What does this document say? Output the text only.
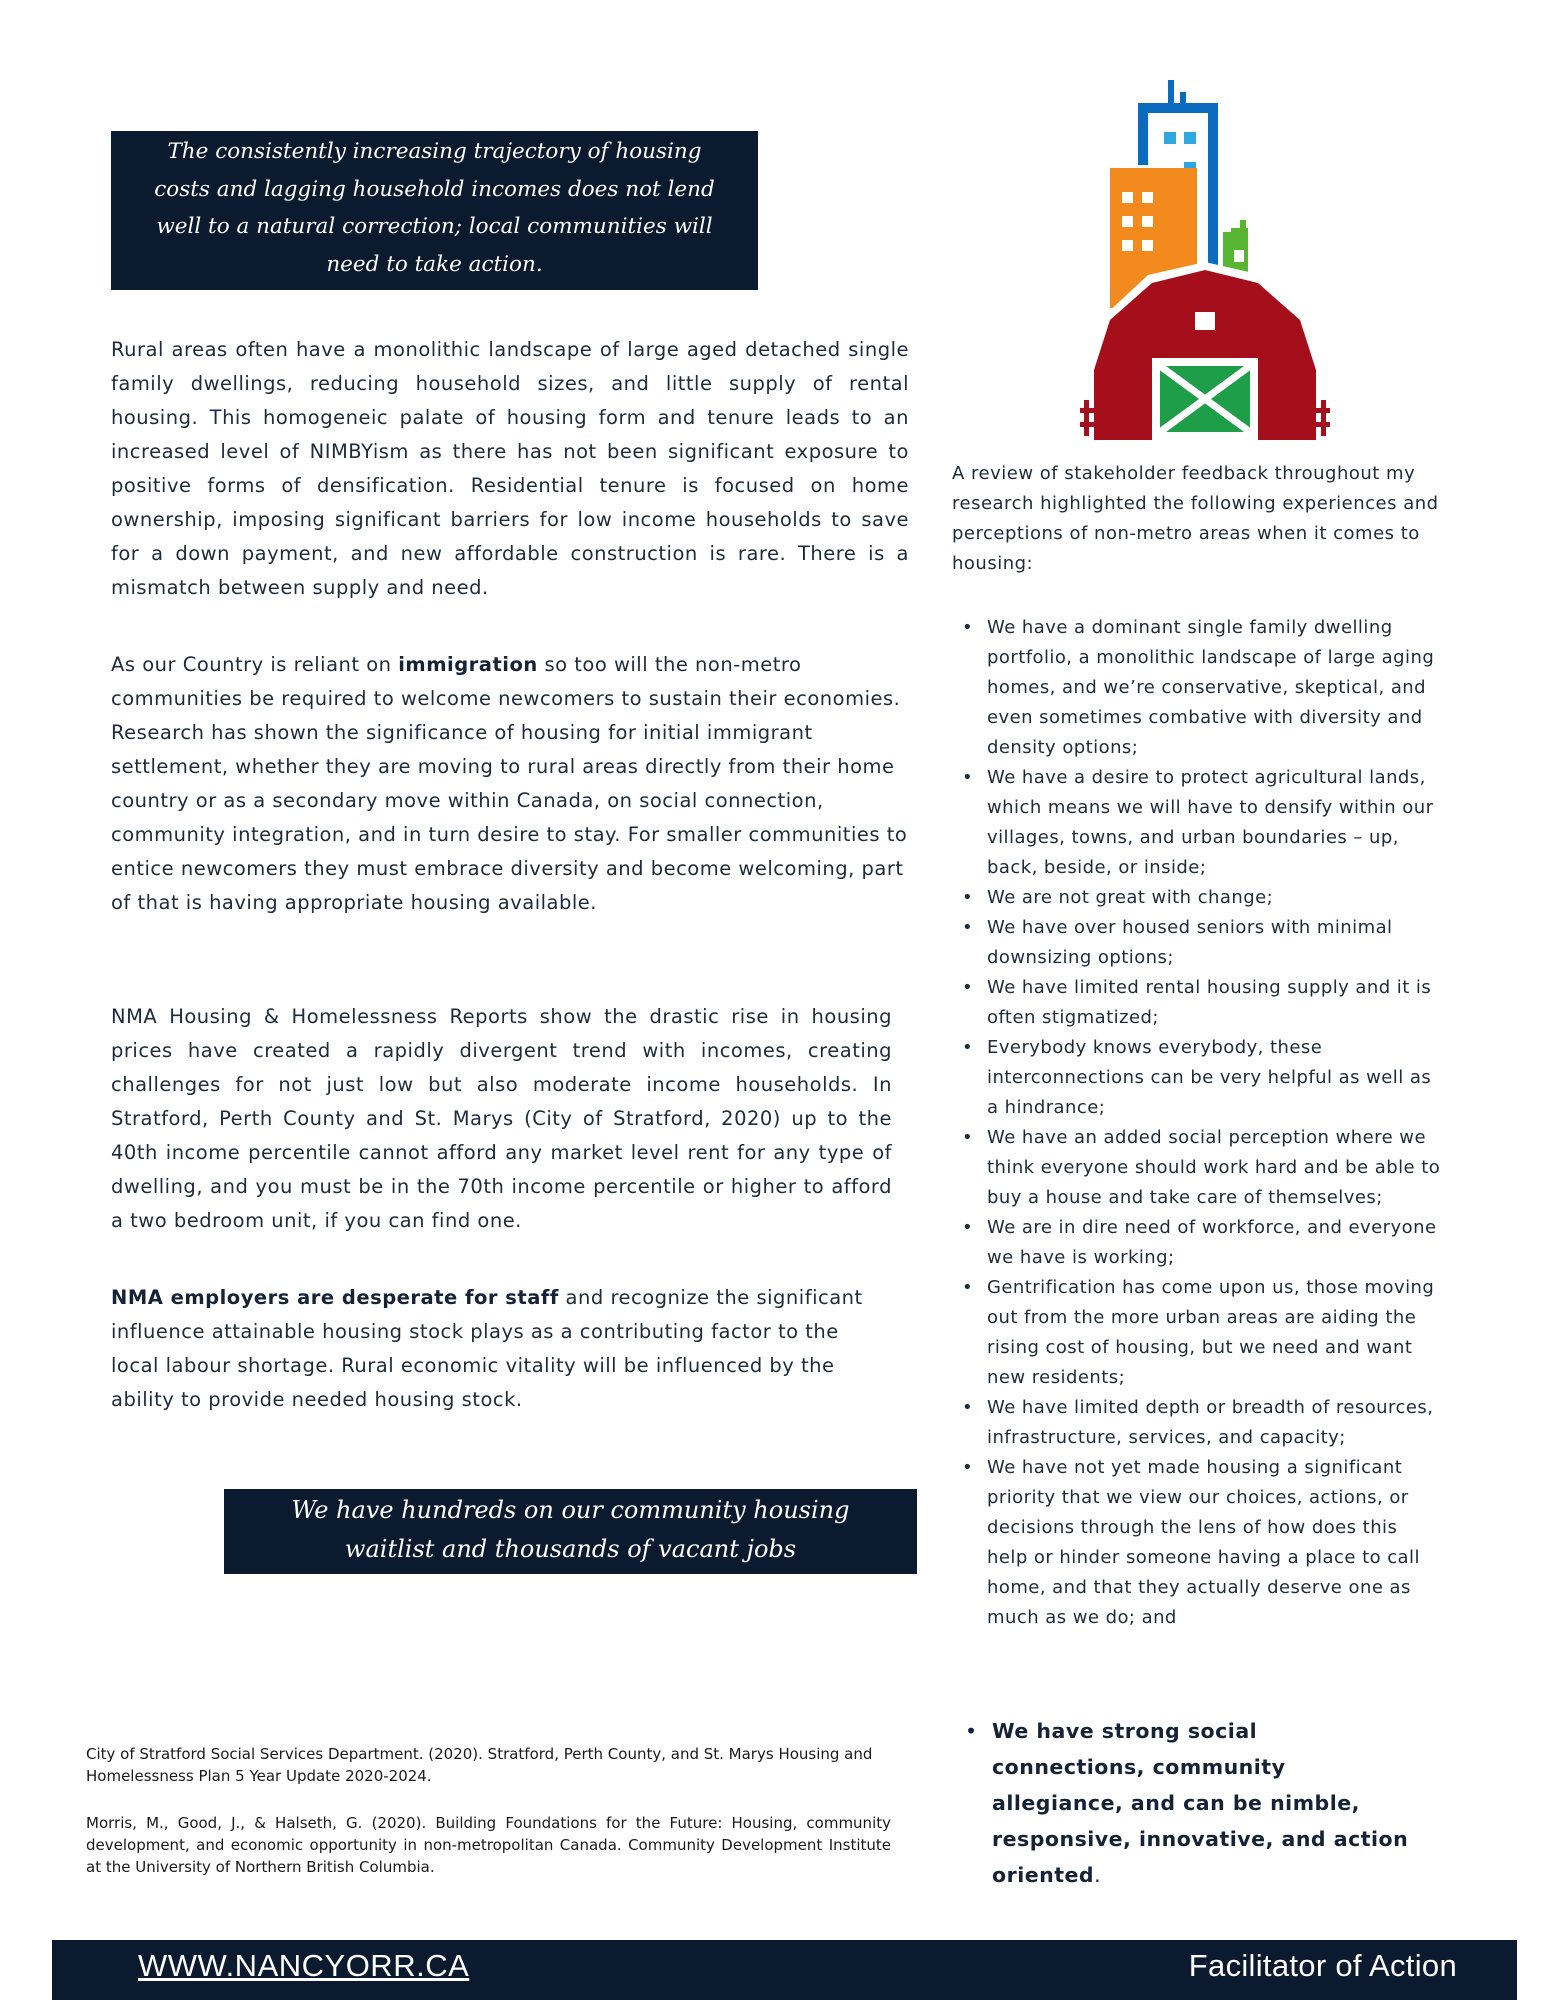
The consistently increasing trajectory of housing costs and lagging household incomes does not lend well to a natural correction; local communities will need to take action.
Rural areas often have a monolithic landscape of large aged detached single family dwellings, reducing household sizes, and little supply of rental housing. This homogeneic palate of housing form and tenure leads to an increased level of NIMBYism as there has not been significant exposure to positive forms of densification. Residential tenure is focused on home ownership, imposing significant barriers for low income households to save for a down payment, and new affordable construction is rare. There is a mismatch between supply and need.
As our Country is reliant on immigration so too will the non-metro communities be required to welcome newcomers to sustain their economies. Research has shown the significance of housing for initial immigrant settlement, whether they are moving to rural areas directly from their home country or as a secondary move within Canada, on social connection, community integration, and in turn desire to stay. For smaller communities to entice newcomers they must embrace diversity and become welcoming, part of that is having appropriate housing available.
NMA Housing & Homelessness Reports show the drastic rise in housing prices have created a rapidly divergent trend with incomes, creating challenges for not just low but also moderate income households. In Stratford, Perth County and St. Marys (City of Stratford, 2020) up to the 40th income percentile cannot afford any market level rent for any type of dwelling, and you must be in the 70th income percentile or higher to afford a two bedroom unit, if you can find one.
NMA employers are desperate for staff and recognize the significant influence attainable housing stock plays as a contributing factor to the local labour shortage. Rural economic vitality will be influenced by the ability to provide needed housing stock.
We have hundreds on our community housing waitlist and thousands of vacant jobs
A review of stakeholder feedback throughout my research highlighted the following experiences and perceptions of non-metro areas when it comes to housing:
• We have a dominant single family dwelling portfolio, a monolithic landscape of large aging homes, and we’re conservative, skeptical, and even sometimes combative with diversity and density options;
• We have a desire to protect agricultural lands, which means we will have to densify within our villages, towns, and urban boundaries – up, back, beside, or inside;
• We are not great with change;
• We have over housed seniors with minimal downsizing options;
• We have limited rental housing supply and it is often stigmatized;
• Everybody knows everybody, these interconnections can be very helpful as well as a hindrance;
• We have an added social perception where we think everyone should work hard and be able to buy a house and take care of themselves;
• We are in dire need of workforce, and everyone we have is working;
• Gentrification has come upon us, those moving out from the more urban areas are aiding the rising cost of housing, but we need and want new residents;
• We have limited depth or breadth of resources, infrastructure, services, and capacity;
• We have not yet made housing a significant priority that we view our choices, actions, or decisions through the lens of how does this help or hinder someone having a place to call home, and that they actually deserve one as much as we do; and
• We have strong social connections, community allegiance, and can be nimble, responsive, innovative, and action oriented.
City of Stratford Social Services Department. (2020). Stratford, Perth County, and St. Marys Housing and Homelessness Plan 5 Year Update 2020-2024.
Morris, M., Good, J., & Halseth, G. (2020). Building Foundations for the Future: Housing, community development, and economic opportunity in non-metropolitan Canada. Community Development Institute at the University of Northern British Columbia.
WWW.NANCYORR.CA	Facilitator of Action
